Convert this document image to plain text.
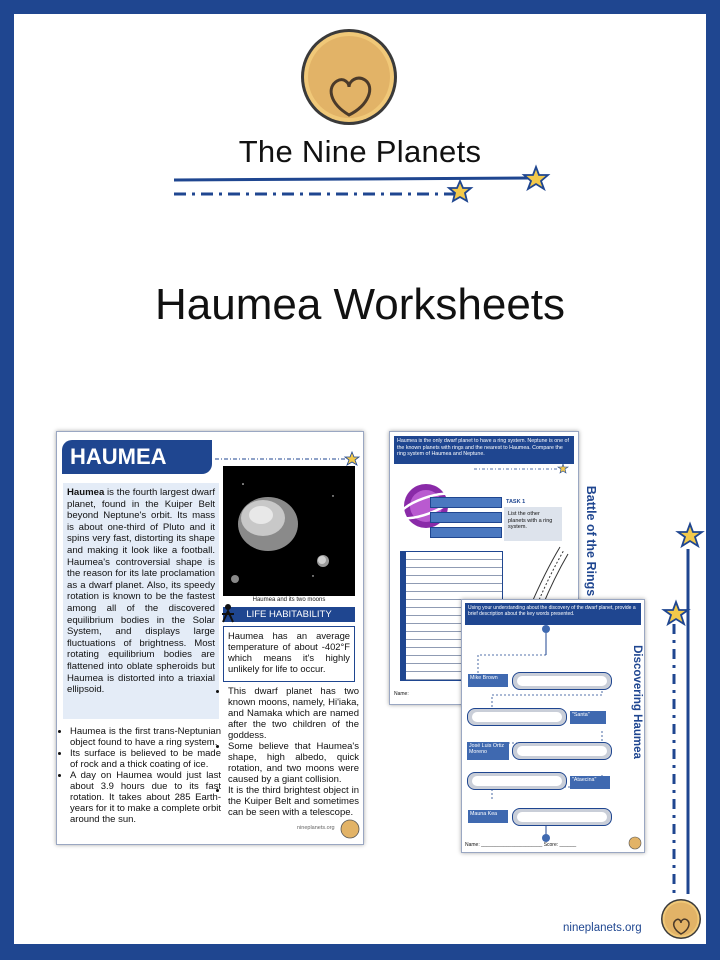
The Nine Planets
Haumea Worksheets
HAUMEA
Haumea is the fourth largest dwarf planet, found in the Kuiper Belt beyond Neptune's orbit. Its mass is about one-third of Pluto and it spins very fast, distorting its shape and making it look like a football. Haumea's controversial shape is the reason for its late proclamation as a dwarf planet. Also, its speedy rotation is known to be the fastest among all of the discovered equilibrium bodies in the Solar System, and displays large fluctuations of brightness. Most rotating equilibrium bodies are flattened into oblate spheroids but Haumea is distorted into a triaxial ellipsoid.
Haumea and its two moons
LIFE HABITABILITY
Haumea has an average temperature of about -402°F which means it's highly unlikely for life to occur.
• Haumea is the first trans-Neptunian object found to have a ring system.
• Its surface is believed to be made of rock and a thick coating of ice.
• A day on Haumea would just last about 3.9 hours due to its fast rotation. It takes about 285 Earth-years for it to make a complete orbit around the sun.
• This dwarf planet has two known moons, namely, Hi'iaka, and Namaka which are named after the two children of the goddess.
• Some believe that Haumea's shape, high albedo, quick rotation, and two moons were caused by a giant collision.
• It is the third brightest object in the Kuiper Belt and sometimes can be seen with a telescope.
nineplanets.org
Haumea is the only dwarf planet to have a ring system. Neptune is one of the known planets with rings and the nearest to Haumea. Compare the ring system of Haumea and Neptune.
Battle of the Rings
TASK 1
List the other planets with a ring system.
Name:
Using your understanding about the discovery of the dwarf planet, provide a brief description about the key words presented.
Discovering Haumea
Mike Brown
"Santa"
José Luis Ortiz Moreno
"Ataecina"
Mauna Kea
Name: ______________________ Score: ______
nineplanets.org
